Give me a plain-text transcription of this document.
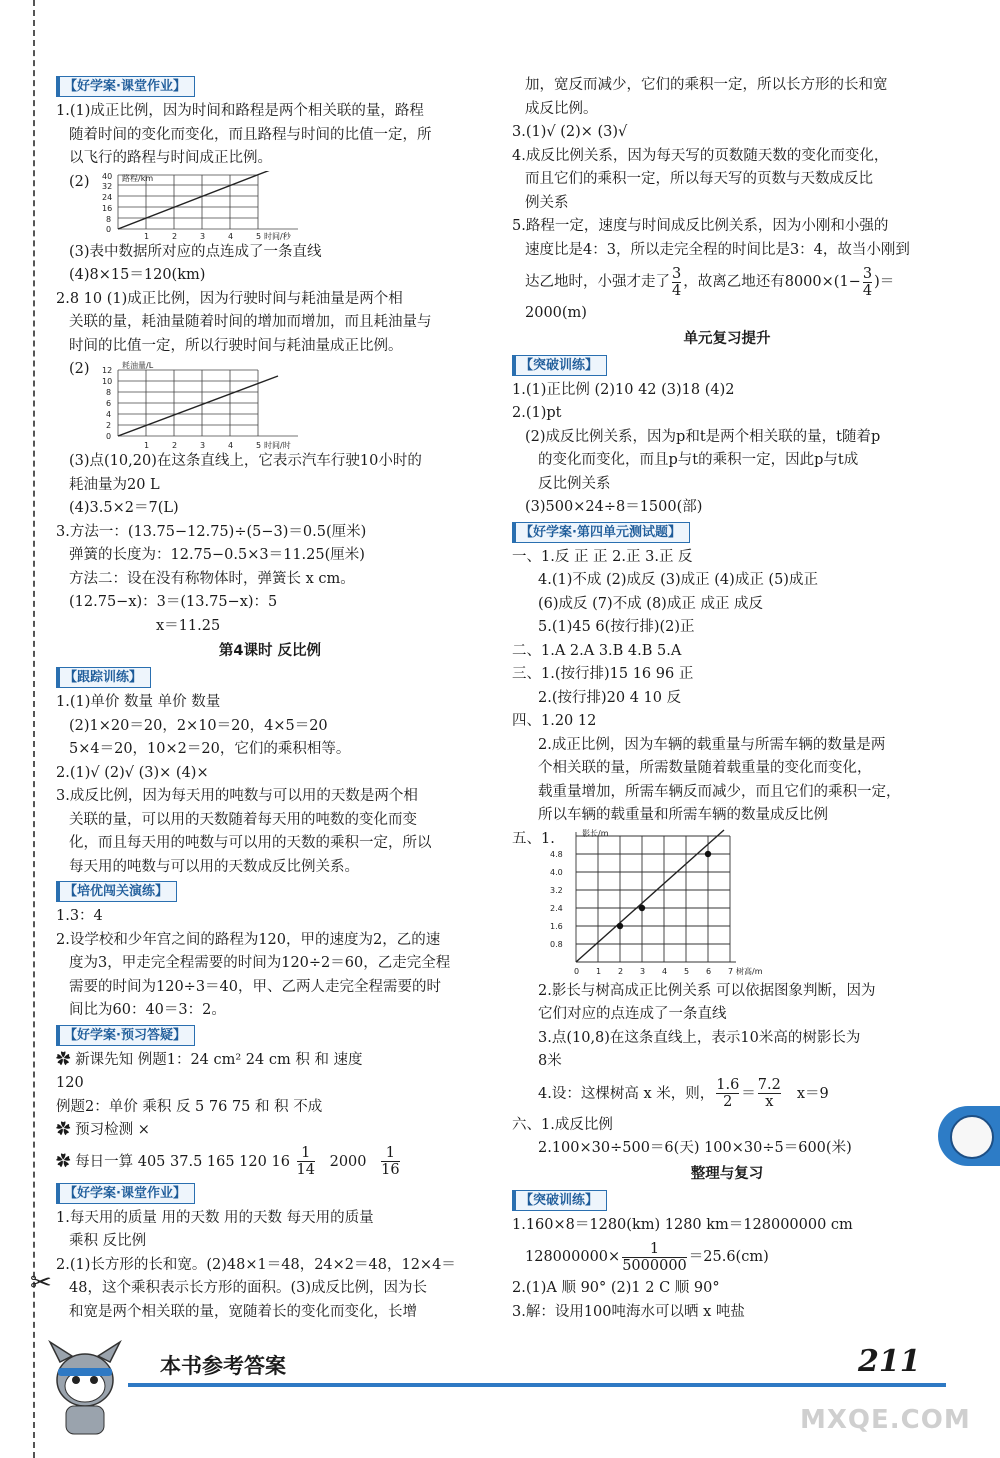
✂
【好学案·课堂作业】
1.(1)成正比例，因为时间和路程是两个相关联的量，路程
随着时间的变化而变化，而且路程与时间的比值一定，所
以飞行的路程与时间成正比例。
(2) 40
32
24
16
8
0
1	2	3	4	5
路程/km
时间/秒
(3)表中数据所对应的点连成了一条直线
(4)8×15＝120(km)
2.8 10 (1)成正比例，因为行驶时间与耗油量是两个相
关联的量，耗油量随着时间的增加而增加，而且耗油量与
时间的比值一定，所以行驶时间与耗油量成正比例。
(2) 12
10
8
6
4
2
0
1	2	3	4	5
耗油量/L
时间/时
(3)点(10,20)在这条直线上，它表示汽车行驶10小时的
耗油量为20 L
(4)3.5×2＝7(L)
3.方法一：(13.75−12.75)÷(5−3)＝0.5(厘米)
弹簧的长度为：12.75−0.5×3＝11.25(厘米)
方法二：设在没有称物体时，弹簧长 x cm。
(12.75−x)：3＝(13.75−x)：5
x＝11.25
第4课时 反比例
【跟踪训练】
1.(1)单价 数量 单价 数量
(2)1×20＝20，2×10＝20，4×5＝20
5×4＝20，10×2＝20，它们的乘积相等。
2.(1)√ (2)√ (3)× (4)×
3.成反比例，因为每天用的吨数与可以用的天数是两个相
关联的量，可以用的天数随着每天用的吨数的变化而变
化，而且每天用的吨数与可以用的天数的乘积一定，所以
每天用的吨数与可以用的天数成反比例关系。
【培优闯关演练】
1.3：4
2.设学校和少年宫之间的路程为120，甲的速度为2，乙的速
度为3，甲走完全程需要的时间为120÷2＝60，乙走完全程
需要的时间为120÷3＝40，甲、乙两人走完全程需要的时
间比为60：40＝3：2。
【好学案·预习答疑】
✿ 新课先知 例题1：24 cm² 24 cm 积 和 速度
120
例题2：单价 乘积 反 5 76 75 和 积 不成
✿ 预习检测 ×
✿ 每日一算 405 37.5 165 120 $16 \frac{1}{14} 2000 \frac{1}{16}$
【好学案·课堂作业】
1.每天用的质量 用的天数 用的天数 每天用的质量
乘积 反比例
2.(1)长方形的长和宽。(2)48×1＝48，24×2＝48，12×4＝
48，这个乘积表示长方形的面积。(3)成反比例，因为长
和宽是两个相关联的量，宽随着长的变化而变化，长增
加，宽反而减少，它们的乘积一定，所以长方形的长和宽
成反比例。
3.(1)√ (2)× (3)√
4.成反比例关系，因为每天写的页数随天数的变化而变化，
而且它们的乘积一定，所以每天写的页数与天数成反比
例关系
5.路程一定，速度与时间成反比例关系，因为小刚和小强的
速度比是4：3，所以走完全程的时间比是3：4，故当小刚到
达乙地时，小强才走了 $\frac{3}{4}$ ，故离乙地还有$8000\times(1- \frac{3}{4}$ )＝
2000(m)
单元复习提升
【突破训练】
1.(1)正比例 (2)10 42 (3)18 (4)2
2.(1)pt
(2)成反比例关系，因为p和t是两个相关联的量，t随着p
的变化而变化，而且p与t的乘积一定，因此p与t成
反比例关系
(3)500×24÷8＝1500(部)
【好学案·第四单元测试题】
一、1.反 正 正 2.正 3.正 反
4.(1)不成 (2)成反 (3)成正 (4)成正 (5)成正
(6)成反 (7)不成 (8)成正 成正 成反
5.(1)45 6(按行排)(2)正
二、1.A 2.A 3.B 4.B 5.A
三、1.(按行排)15 16 96 正
2.(按行排)20 4 10 反
四、1.20 12
2.成正比例，因为车辆的载重量与所需车辆的数量是两
个相关联的量，所需数量随着载重量的变化而变化，
载重量增加，所需车辆反而减少，而且它们的乘积一定，
所以车辆的载重量和所需车辆的数量成反比例
五、1.
4.8
4.0
3.2
2.4
1.6
0.8
0 1 2 3 4 5 6 7
影长/m
树高/m
2.影长与树高成正比例关系 可以依据图象判断，因为
它们对应的点连成了一条直线
3.点(10,8)在这条直线上，表示10米高的树影长为
8米
4.设：这棵树高 x 米，则， $\frac{1.6}{2} = \frac{7.2}{x} x=9$
六、1.成反比例
2.100×30÷500＝6(天) 100×30÷5＝600(米)
整理与复习
【突破训练】
1.160×8＝1280(km) 1280 km＝128000000 cm
$128000000\times \frac{1}{5000000} =25.6(cm)$
2.(1)A 顺 90° (2)1 2 C 顺 90°
3.解：设用100吨海水可以晒 x 吨盐
本书参考答案	211
MXQE.COM
